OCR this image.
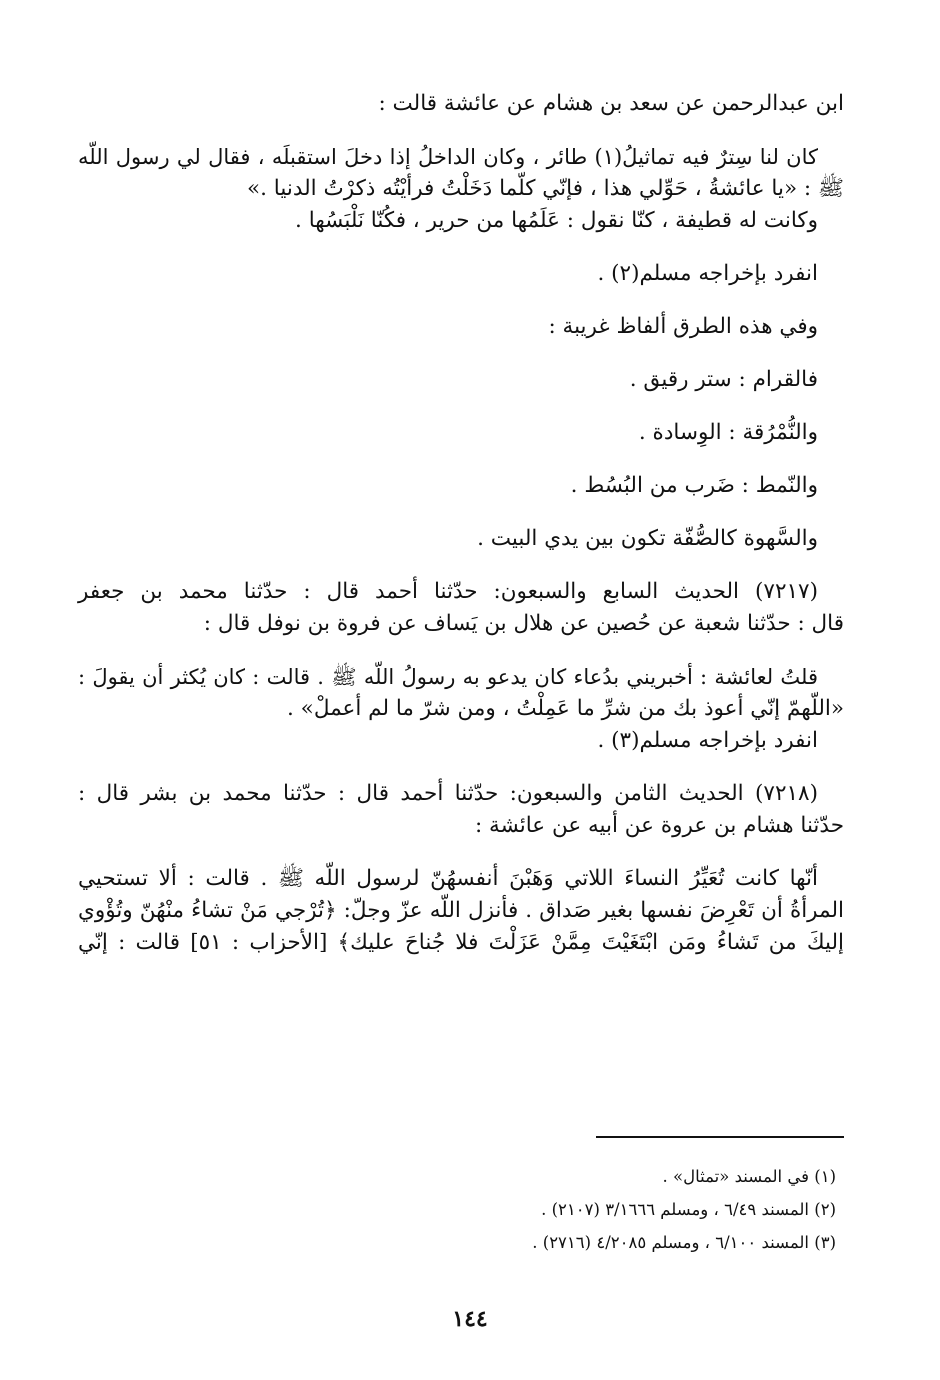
ابن عبدالرحمن عن سعد بن هشام عن عائشة قالت :
كان لنا سِترٌ فيه تماثيلُ(١) طائر ، وكان الداخلُ إذا دخلَ استقبلَه ، فقال لي رسول اللّه
ﷺ : «يا عائشةُ ، حَوِّلي هذا ، فإنّي كلّما دَخَلْتُ فرأيْتُه ذكرْتُ الدنيا .»
وكانت له قطيفة ، كنّا نقول : عَلَمُها من حرير ، فكُنّا نَلْبَسُها .
انفرد بإخراجه مسلم(٢) .
وفي هذه الطرق ألفاظ غريبة :
فالقرام : ستر رقيق .
والنُّمْرُقة : الوِسادة .
والنّمط : ضَرب من البُسُط .
والسَّهوة كالصُّفّة تكون بين يدي البيت .
(٧٢١٧) الحديث السابع والسبعون: حدّثنا أحمد قال : حدّثنا محمد بن جعفر
قال : حدّثنا شعبة عن حُصين عن هلال بن يَساف عن فروة بن نوفل قال :
قلتُ لعائشة : أخبريني بدُعاء كان يدعو به رسولُ اللّه ﷺ . قالت : كان يُكثر أن يقولَ :
«اللّهمّ إنّي أعوذ بك من شرِّ ما عَمِلْتُ ، ومن شرّ ما لم أعملْ» .
انفرد بإخراجه مسلم(٣) .
(٧٢١٨) الحديث الثامن والسبعون: حدّثنا أحمد قال : حدّثنا محمد بن بشر قال :
حدّثنا هشام بن عروة عن أبيه عن عائشة :
أنّها كانت تُعَيِّرُ النساءَ اللاتي وَهَبْنَ أنفسهُنّ لرسول اللّه ﷺ . قالت : ألا تستحيي
المرأةُ أن تَعْرِضَ نفسها بغير صَداق . فأنزل اللّه عزّ وجلّ: ﴿تُرْجي مَنْ تشاءُ منْهُنّ وتُؤْوي
إليكَ من تَشاءُ ومَن ابْتَغَيْتَ مِمَّنْ عَزَلْتَ فلا جُناحَ عليك﴾ [الأحزاب : ٥١] قالت : إنّي
(١) في المسند «تمثال» .
(٢) المسند ٦/٤٩ ، ومسلم ٣/١٦٦٦ (٢١٠٧) .
(٣) المسند ٦/١٠٠ ، ومسلم ٤/٢٠٨٥ (٢٧١٦) .
١٤٤
